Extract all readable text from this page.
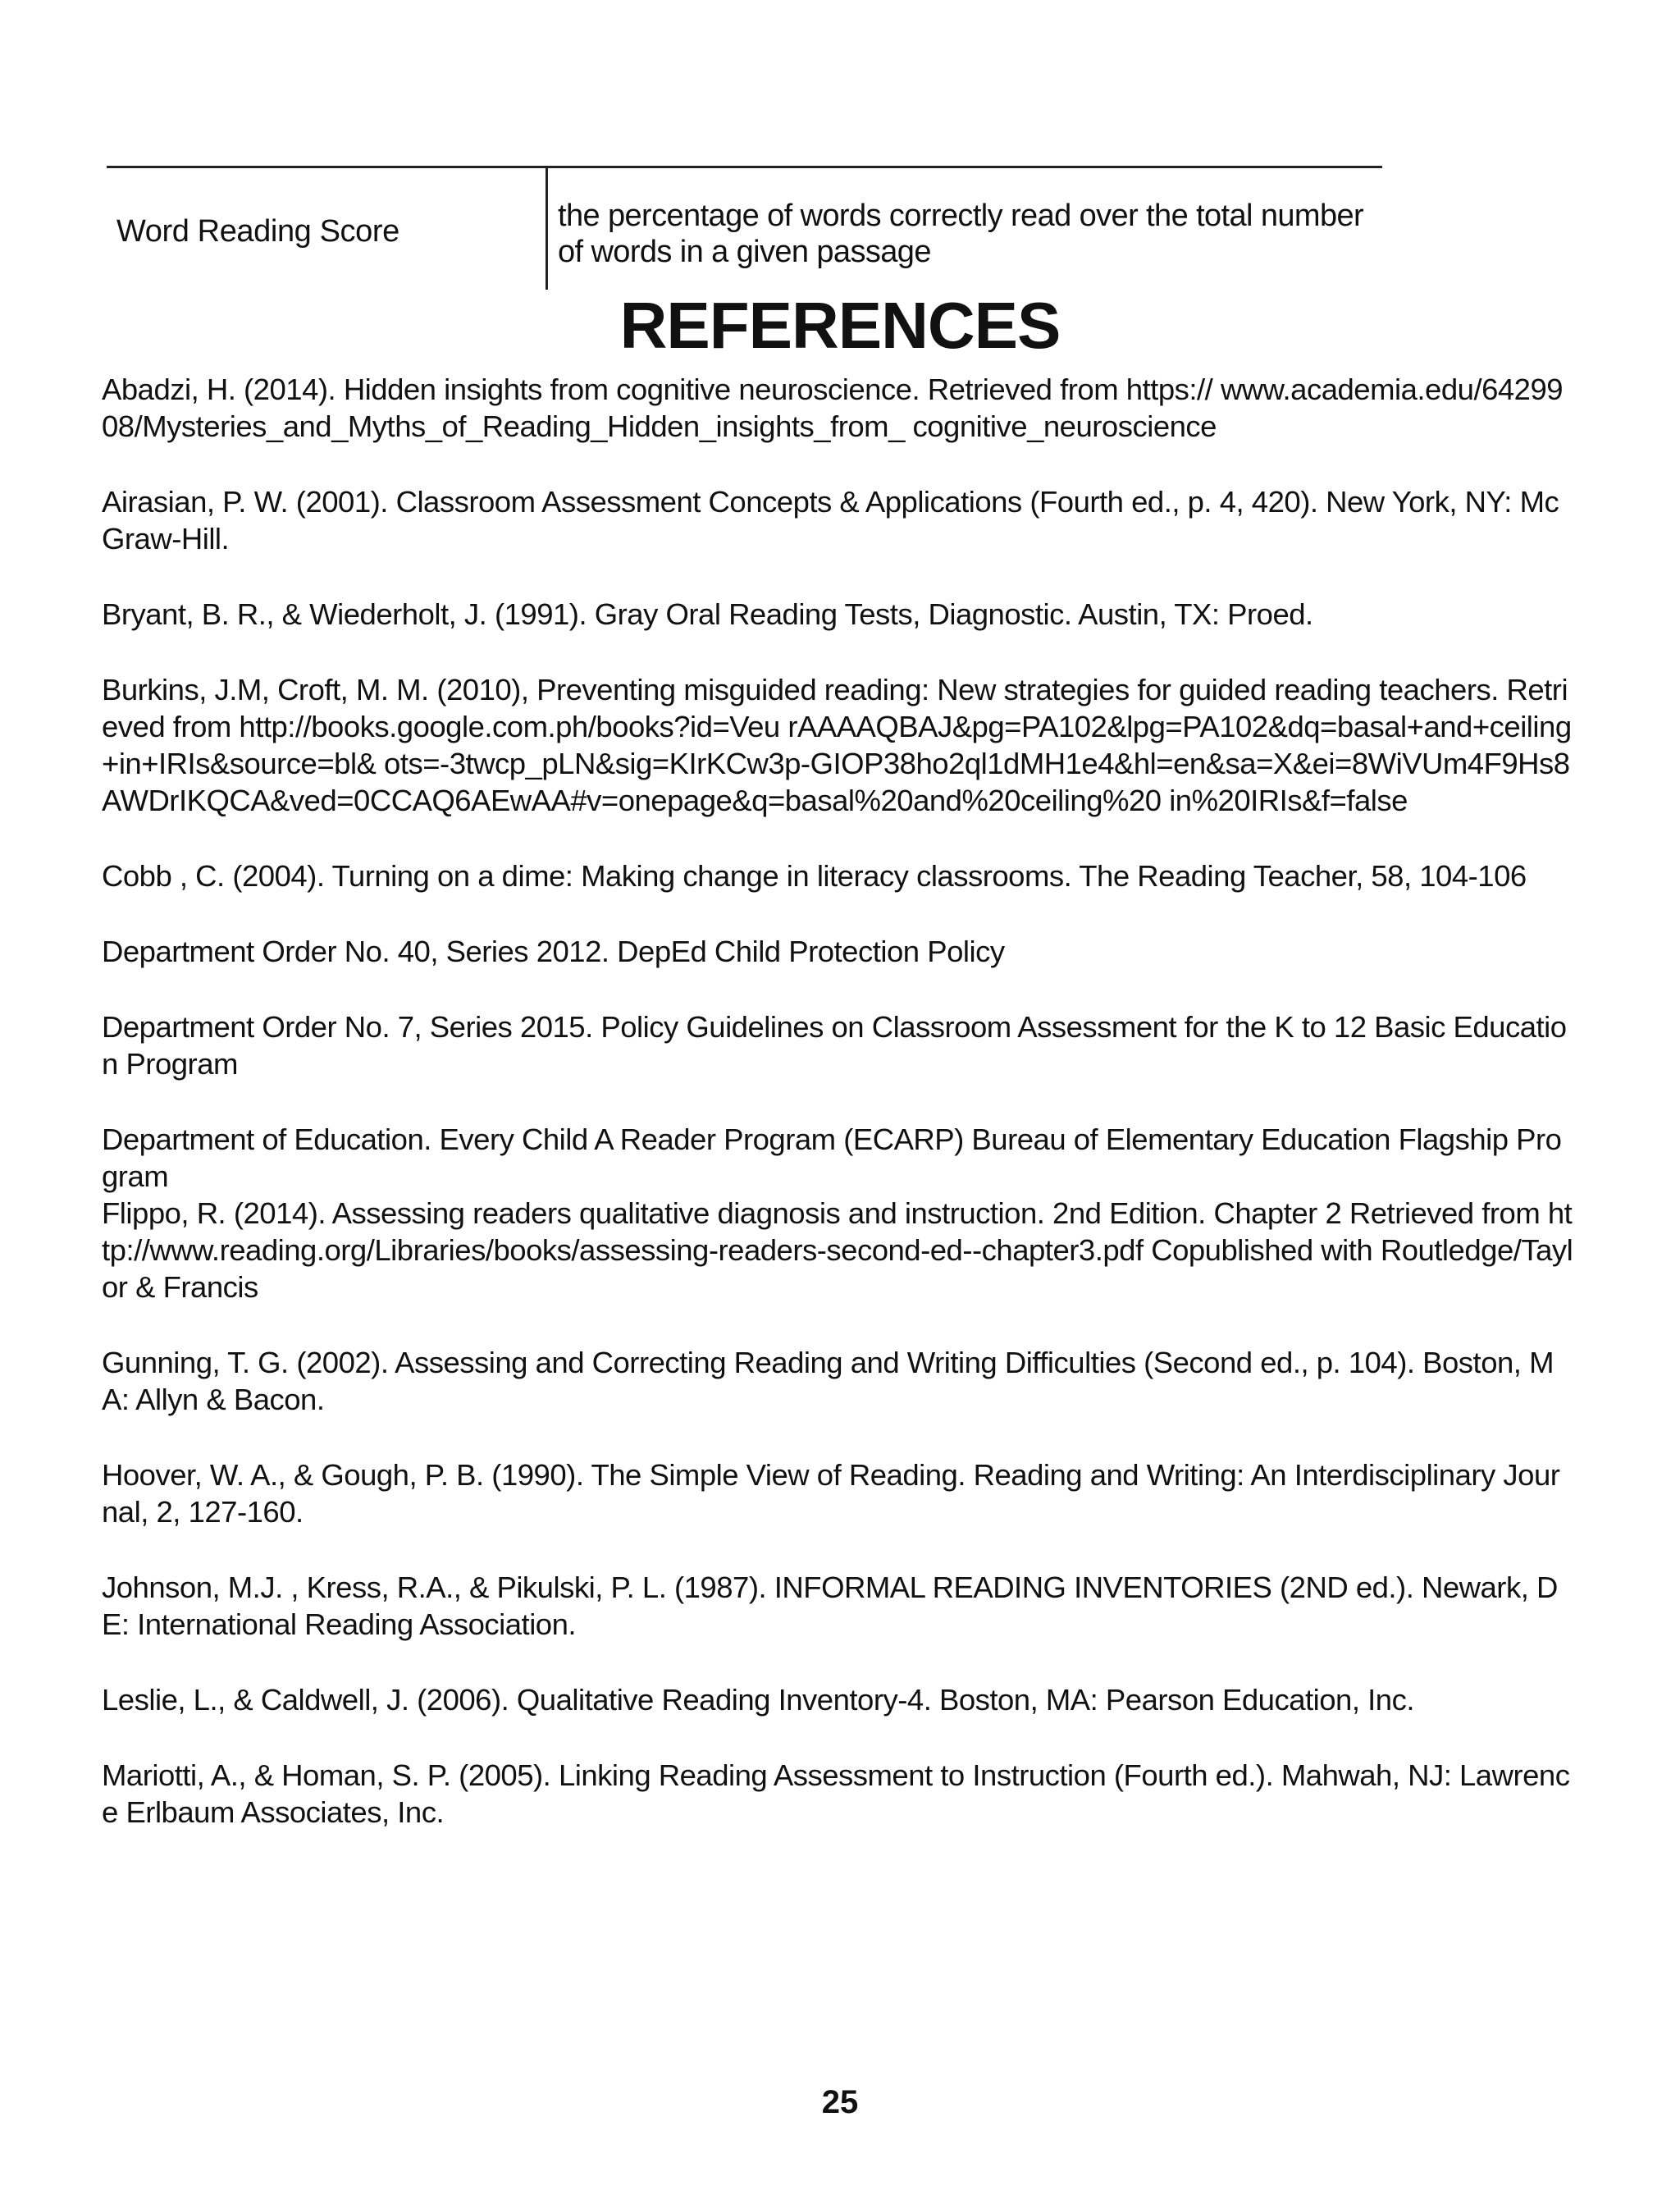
Word Reading Score	the percentage of words correctly read over the total number of words in a given passage
REFERENCES
Abadzi, H. (2014). Hidden insights from cognitive neuroscience. Retrieved from https:// www.academia.edu/6429908/Mysteries_and_Myths_of_Reading_Hidden_insights_from_ cognitive_neuroscience
Airasian, P. W. (2001). Classroom Assessment Concepts & Applications (Fourth ed., p. 4, 420). New York, NY: McGraw-Hill.
Bryant, B. R., & Wiederholt, J. (1991). Gray Oral Reading Tests, Diagnostic. Austin, TX: Proed.
Burkins, J.M, Croft, M. M. (2010), Preventing misguided reading: New strategies for guided reading teachers. Retrieved from http://books.google.com.ph/books?id=Veu rAAAAQBAJ&pg=PA102&lpg=PA102&dq=basal+and+ceiling+in+IRIs&source=bl& ots=-3twcp_pLN&sig=KIrKCw3p-GIOP38ho2ql1dMH1e4&hl=en&sa=X&ei=8WiVUm4F9Hs8AWDrIKQCA&ved=0CCAQ6AEwAA#v=onepage&q=basal%20and%20ceiling%20 in%20IRIs&f=false
Cobb , C. (2004). Turning on a dime: Making change in literacy classrooms. The Reading Teacher, 58, 104-106
Department Order No. 40, Series 2012. DepEd Child Protection Policy
Department Order No. 7, Series 2015. Policy Guidelines on Classroom Assessment for the K to 12 Basic Education Program
Department of Education. Every Child A Reader Program (ECARP) Bureau of Elementary Education Flagship Program
Flippo, R. (2014). Assessing readers qualitative diagnosis and instruction. 2nd Edition. Chapter 2 Retrieved from http://www.reading.org/Libraries/books/assessing-readers-second-ed--chapter3.pdf Copublished with Routledge/Taylor & Francis
Gunning, T. G. (2002). Assessing and Correcting Reading and Writing Difficulties (Second ed., p. 104). Boston, MA: Allyn & Bacon.
Hoover, W. A., & Gough, P. B. (1990). The Simple View of Reading. Reading and Writing: An Interdisciplinary Journal, 2, 127-160.
Johnson, M.J. , Kress, R.A., & Pikulski, P. L. (1987). INFORMAL READING INVENTORIES (2ND ed.). Newark, DE: International Reading Association.
Leslie, L., & Caldwell, J. (2006). Qualitative Reading Inventory-4. Boston, MA: Pearson Education, Inc.
Mariotti, A., & Homan, S. P. (2005). Linking Reading Assessment to Instruction (Fourth ed.). Mahwah, NJ: Lawrence Erlbaum Associates, Inc.
25
